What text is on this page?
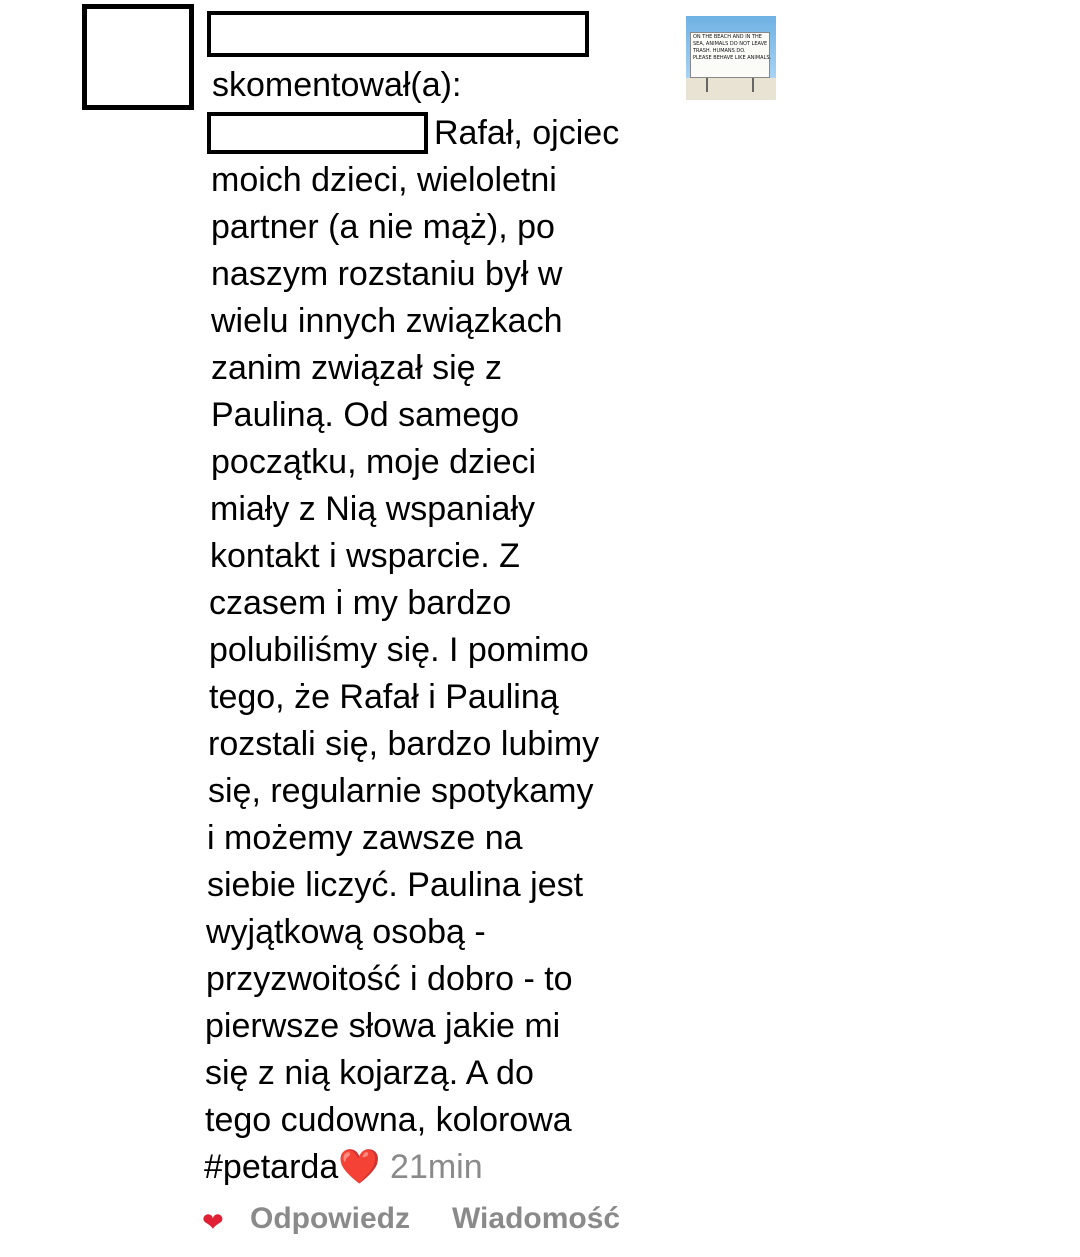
skomentował(a):
Rafał, ojciec
moich dzieci, wieloletni
partner (a nie mąż), po
naszym rozstaniu był w
wielu innych związkach
zanim związał się z
Pauliną. Od samego
początku, moje dzieci
miały z Nią wspaniały
kontakt i wsparcie. Z
czasem i my bardzo
polubiliśmy się. I pomimo
tego, że Rafał i Pauliną
rozstali się, bardzo lubimy
się, regularnie spotykamy
i możemy zawsze na
siebie liczyć. Paulina jest
wyjątkową osobą -
przyzwoitość i dobro - to
pierwsze słowa jakie mi
się z nią kojarzą. A do
tego cudowna, kolorowa
#petarda❤️ 21min
ON THE BEACH AND IN THE
SEA, ANIMALS DO NOT LEAVE
TRASH. HUMANS DO.
PLEASE BEHAVE LIKE ANIMALS.
❤ Odpowiedz Wiadomość
